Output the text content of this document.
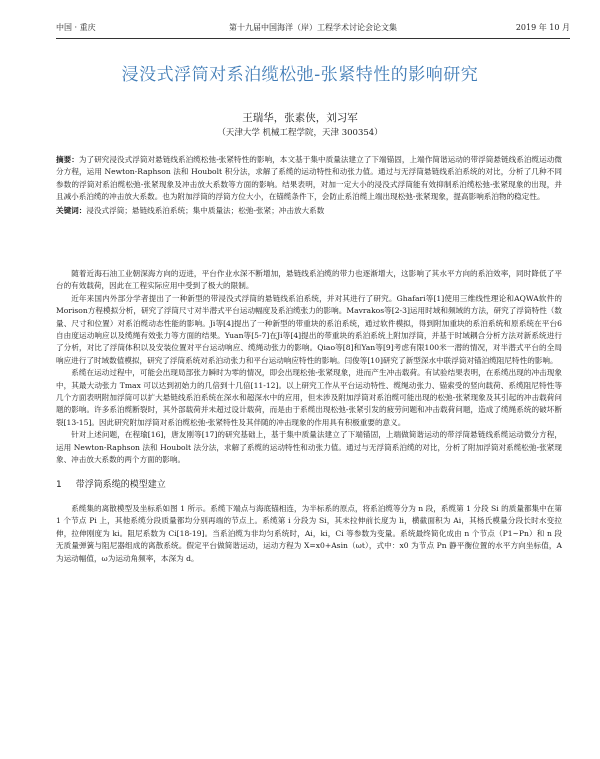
中国 · 重庆	第十九届中国海洋（岸）工程学术讨论会论文集	2019 年 10 月
浸没式浮筒对系泊缆松弛-张紧特性的影响研究
王瑞华，张素侠，刘习军
（天津大学 机械工程学院，天津 300354）

摘要：为了研究浸没式浮筒对悬链线系泊缆松弛-张紧特性的影响，本文基于集中质量法建立了下端锚固，上端作简谐运动的带浮筒悬链线系泊缆运动微分方程，运用 Newton-Raphson 法和 Houbolt 积分法，求解了系缆的运动特性和动张力值。通过与无浮筒悬链线系泊系统的对比，分析了几种不同参数的浮筒对系泊缆松弛-张紧现象及冲击放大系数等方面的影响。结果表明，对加一定大小的浸没式浮筒能有效抑制系泊缆松弛-张紧现象的出现，并且减小系泊缆的冲击放大系数。也为附加浮筒的浮筒方位大小，在锚缆条件下，会防止系泊缆上端出现松弛-张紧现象，提高影响系泊物的稳定性。

关键词：浸没式浮筒；悬链线系泊系统；集中质量法；松弛-张紧；冲击放大系数

随着近海石油工业朝深海方向的迈进，平台作业水深不断增加，悬链线系泊缆的带力也逐渐增大，这影响了其水平方向的系泊效率，同时降低了平台的有效载荷，因此在工程实际应用中受到了极大的限制。

近年来国内外部分学者提出了一种新型的带浸没式浮筒的悬链线系泊系统，并对其进行了研究。Ghafari等[1]使用三维线性理论和AQWA软件的Morison方程模拟分析，研究了浮筒尺寸对半潜式平台运动幅度及系泊缆张力的影响。Mavrakos等[2-3]运用时域和频域的方法，研究了浮筒特性（数量、尺寸和位置）对系泊缆动态性能的影响。Ji等[4]提出了一种新型的带重块的系泊系统，通过软件模拟，得到附加重块的系泊系统和原系统在平台6自由度运动响应以及缆绳有效张力等方面的结果。Yuan等[5-7]在Ji等[4]提出的带重块的系泊系统上附加浮筒，并基于时域耦合分析方法对新系统进行了分析，对比了浮筒体积以及安装位置对平台运动响应、缆绳动张力的影响。Qiao等[8]和Yan等[9]考虑有限100米一潜的情况，对半潜式平台的全局响应进行了时域数值模拟，研究了浮筒系统对系泊动张力和平台运动响应特性的影响。闫俊等[10]研究了新型深水中联浮筒对锚泊缆阻尼特性的影响。

系缆在运动过程中，可能会出现局部张力瞬时为零的情况，即会出现松弛-张紧现象，进而产生冲击载荷。有试验结果表明，在系缆出现的冲击现象中，其最大动张力 Tmax 可以达到初始力的几倍到十几倍[11-12]。以上研究工作从平台运动特性、缆绳动张力、锚索受的竖向载荷、系缆阻尼特性等几个方面表明附加浮筒可以扩大悬链线系泊系统在深水和超深水中的应用，但未涉及附加浮筒对系泊缆可能出现的松弛-张紧现象及其引起的冲击载荷问题的影响。许多系泊缆断裂时，其外部载荷并未超过设计载荷，而是由于系缆出现松弛-张紧引发的疲劳问题和冲击载荷问题，造成了缆绳系统的破坏断裂[13-15]。因此研究附加浮筒对系泊缆松弛-张紧特性及其伴随的冲击现象的作用具有积极重要的意义。

针对上述问题，在程瑜[16]，唐友刚等[17]的研究基础上，基于集中质量法建立了下端锚固，上端做简谐运动的带浮筒悬链线系缆运动微分方程，运用 Newton-Raphson 法和 Houbolt 法分法，求解了系缆的运动特性和动张力值。通过与无浮筒系泊缆的对比，分析了附加浮筒对系缆松弛-张紧现象、冲击放大系数的两个方面的影响。

1 带浮筒系缆的模型建立

系缆集的离散模型及坐标系如图 1 所示。系缆下端点与海底锚相连，为半标系的原点，将系泊缆等分为 n 段，系缆第 1 分段 Si 的质量都集中在第 1 个节点 Pi 上，其他系缆分段质量都均分别再端的节点上。系缆第 i 分段为 Si，其未拉伸前长度为 li，横截面积为 Ai，其杨氏模量分段长时水变拉伸，拉伸刚度为 ki。阻尼系数为 Ci[18-19]。当系泊缆为非均匀系统时，Ai，ki，Ci 等参数为变量。系统最终简化成由 n 个节点（P1~Pn）和 n 段无质量弹簧与阻尼器组成的离散系统。假定平台做简谐运动，运动方程为 X=x0+Asin（ωt），式中：x0 为节点 Pn 静平衡位置的水平方向坐标值，A 为运动幅值，ω为运动角频率，本深为 d。
